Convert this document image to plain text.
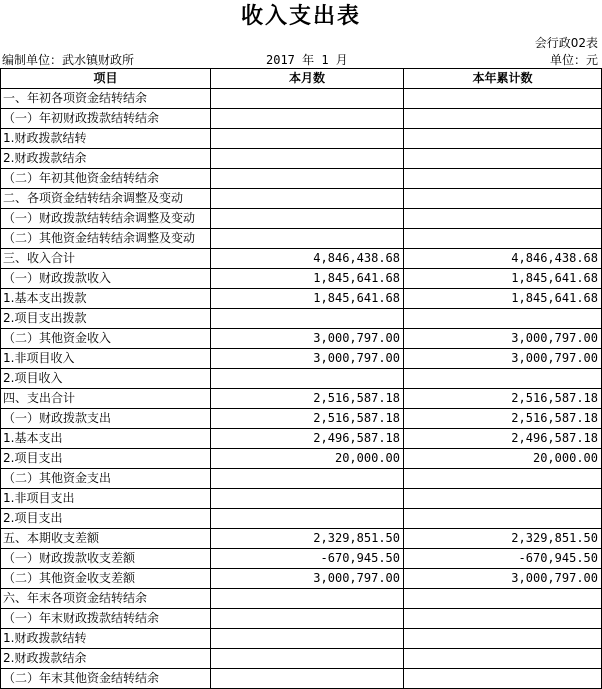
收入支出表
会行政02表
编制单位：武水镇财政所	2017 年 1 月	单位：元
项目	本月数	本年累计数
一、年初各项资金结转结余		
（一）年初财政拨款结转结余		
1.财政拨款结转		
2.财政拨款结余		
（二）年初其他资金结转结余		
二、各项资金结转结余调整及变动		
（一）财政拨款结转结余调整及变动		
（二）其他资金结转结余调整及变动		
三、收入合计	4,846,438.68	4,846,438.68
（一）财政拨款收入	1,845,641.68	1,845,641.68
1.基本支出拨款	1,845,641.68	1,845,641.68
2.项目支出拨款		
（二）其他资金收入	3,000,797.00	3,000,797.00
1.非项目收入	3,000,797.00	3,000,797.00
2.项目收入		
四、支出合计	2,516,587.18	2,516,587.18
（一）财政拨款支出	2,516,587.18	2,516,587.18
1.基本支出	2,496,587.18	2,496,587.18
2.项目支出	20,000.00	20,000.00
（二）其他资金支出		
1.非项目支出		
2.项目支出		
五、本期收支差额	2,329,851.50	2,329,851.50
（一）财政拨款收支差额	-670,945.50	-670,945.50
（二）其他资金收支差额	3,000,797.00	3,000,797.00
六、年末各项资金结转结余		
（一）年末财政拨款结转结余		
1.财政拨款结转		
2.财政拨款结余		
（二）年末其他资金结转结余		
